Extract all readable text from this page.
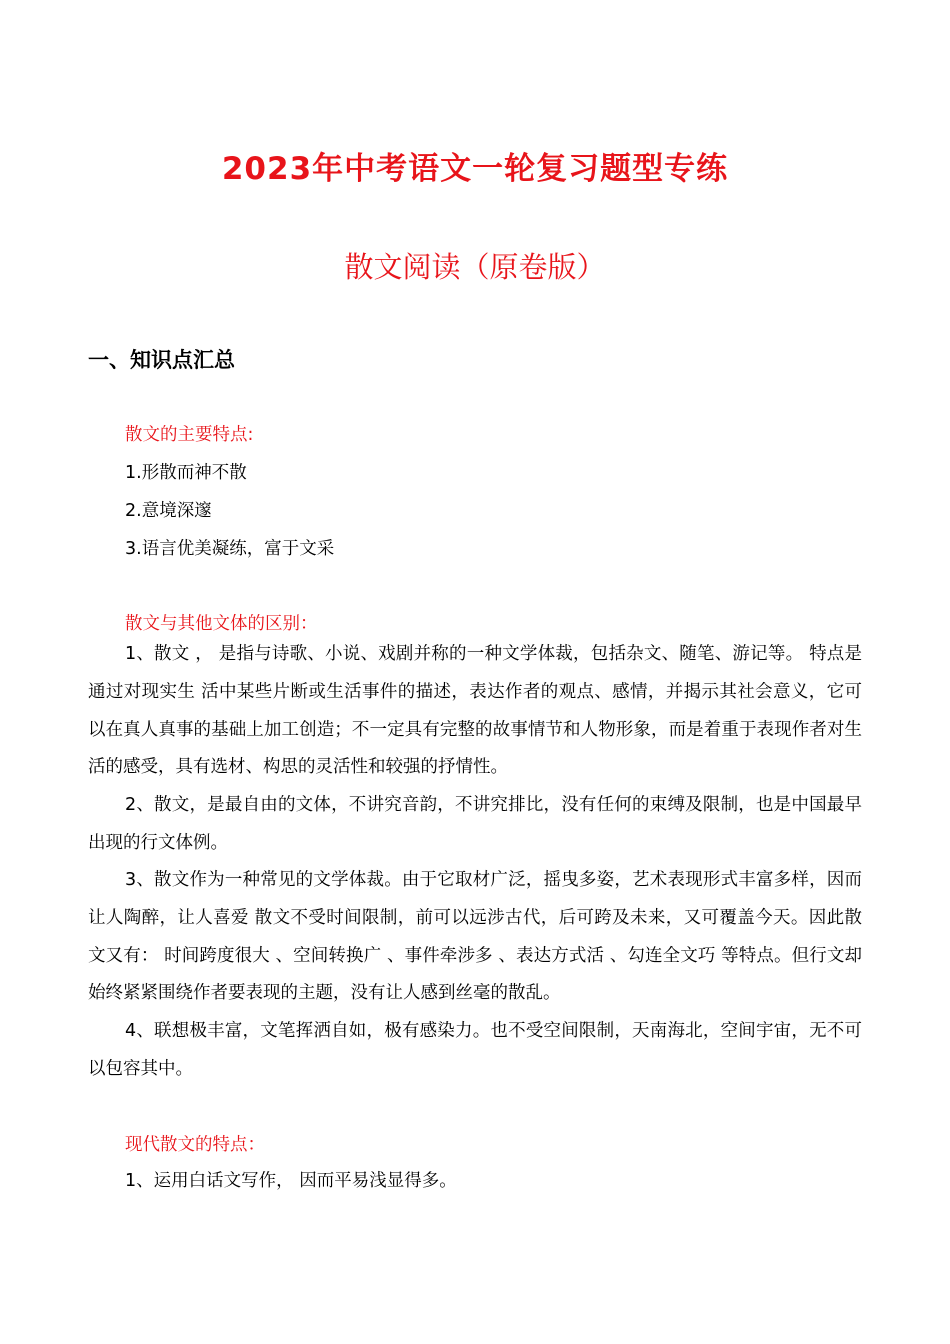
2023年中考语文一轮复习题型专练
散文阅读（原卷版）
一、知识点汇总
散文的主要特点:
1.形散而神不散
2.意境深邃
3.语言优美凝练，富于文采
散文与其他文体的区别：

1、散文 ， 是指与诗歌、小说、戏剧并称的一种文学体裁，包括杂文、随笔、游记等。 特点是通过对现实生 活中某些片断或生活事件的描述，表达作者的观点、感情，并揭示其社会意义，它可以在真人真事的基础上加工创造；不一定具有完整的故事情节和人物形象，而是着重于表现作者对生活的感受，具有选材、构思的灵活性和较强的抒情性。

2、散文，是最自由的文体，不讲究音韵，不讲究排比，没有任何的束缚及限制，也是中国最早出现的行文体例。

3、散文作为一种常见的文学体裁。由于它取材广泛，摇曳多姿，艺术表现形式丰富多样，因而让人陶醉，让人喜爱 散文不受时间限制，前可以远涉古代，后可跨及未来，又可覆盖今天。因此散文又有： 时间跨度很大 、空间转换广 、事件牵涉多 、表达方式活 、勾连全文巧 等特点。但行文却始终紧紧围绕作者要表现的主题，没有让人感到丝毫的散乱。

4、联想极丰富，文笔挥洒自如，极有感染力。也不受空间限制，天南海北，空间宇宙，无不可以包容其中。

现代散文的特点：
1、运用白话文写作， 因而平易浅显得多。
